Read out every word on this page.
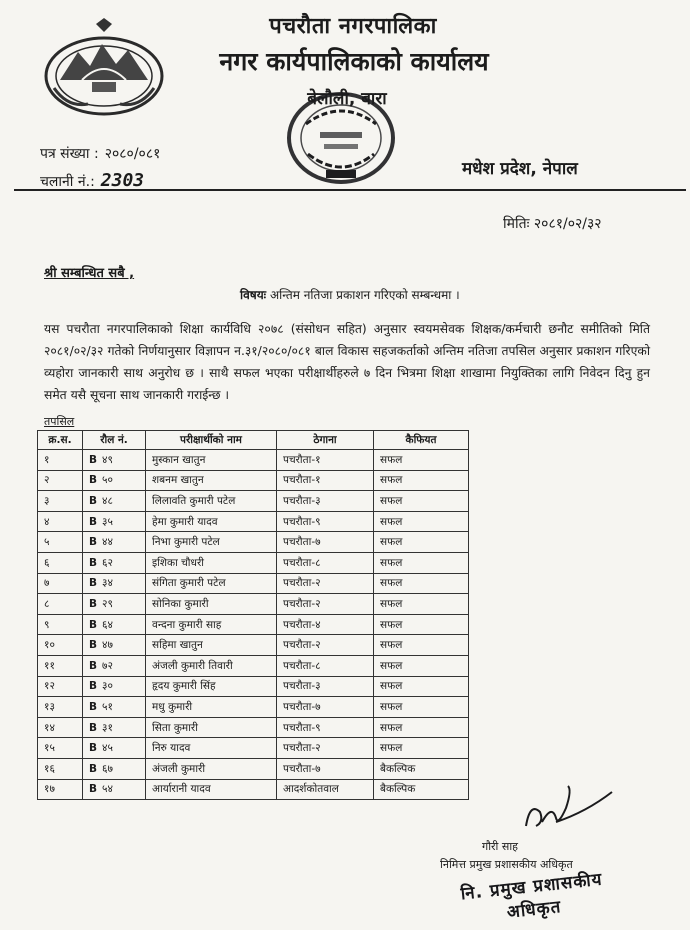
पचरौता नगरपालिका
नगर कार्यपालिकाको कार्यालय
बेलौली, बारा
पत्र संख्या : २०८०/०८१
चलानी नं.: 2303
मधेश प्रदेश, नेपाल
मितिः २०८१/०२/३२
श्री सम्बन्धित सबै ,
विषयः अन्तिम नतिजा प्रकाशन गरिएको सम्बन्धमा ।
यस पचरौता नगरपालिकाको शिक्षा कार्यविधि २०७८ (संसोधन सहित) अनुसार स्वयमसेवक शिक्षक/कर्मचारी छनौट समीतिको मिति २०८१/०२/३२ गतेको निर्णयानुसार विज्ञापन न.३१/२०८०/०८१ बाल विकास सहजकर्ताको अन्तिम नतिजा तपसिल अनुसार प्रकाशन गरिएको व्यहोरा जानकारी साथ अनुरोध छ । साथै सफल भएका परीक्षार्थीहरुले ७ दिन भित्रमा शिक्षा शाखामा नियुक्तिका लागि निवेदन दिनु हुन समेत यसै सूचना साथ जानकारी गराईन्छ ।
तपसिल
क्र.स.	रौल नं.	परीक्षार्थीको नाम	ठेगाना	कैफियत
१	B ४९	मुस्कान खातुन	पचरौता-१	सफल
२	B ५०	शबनम खातुन	पचरौता-१	सफल
३	B ४८	लिलावति कुमारी पटेल	पचरौता-३	सफल
४	B ३५	हेमा कुमारी यादव	पचरौता-९	सफल
५	B ४४	निभा कुमारी पटेल	पचरौता-७	सफल
६	B ६२	इशिका चौधरी	पचरौता-८	सफल
७	B ३४	संगिता कुमारी पटेल	पचरौता-२	सफल
८	B २९	सोनिका कुमारी	पचरौता-२	सफल
९	B ६४	वन्दना कुमारी साह	पचरौता-४	सफल
१०	B ४७	सहिमा खातुन	पचरौता-२	सफल
११	B ७२	अंजली कुमारी तिवारी	पचरौता-८	सफल
१२	B ३०	हृदय कुमारी सिंह	पचरौता-३	सफल
१३	B ५१	मधु कुमारी	पचरौता-७	सफल
१४	B ३१	सिता कुमारी	पचरौता-९	सफल
१५	B ४५	निरु यादव	पचरौता-२	सफल
१६	B ६७	अंजली कुमारी	पचरौता-७	बैकल्पिक
१७	B ५४	आर्यारानी यादव	आदर्शकोतवाल	बैकल्पिक
गौरी साह
निमित्त प्रमुख प्रशासकीय अधिकृत
नि. प्रमुख प्रशासकीय अधिकृत
